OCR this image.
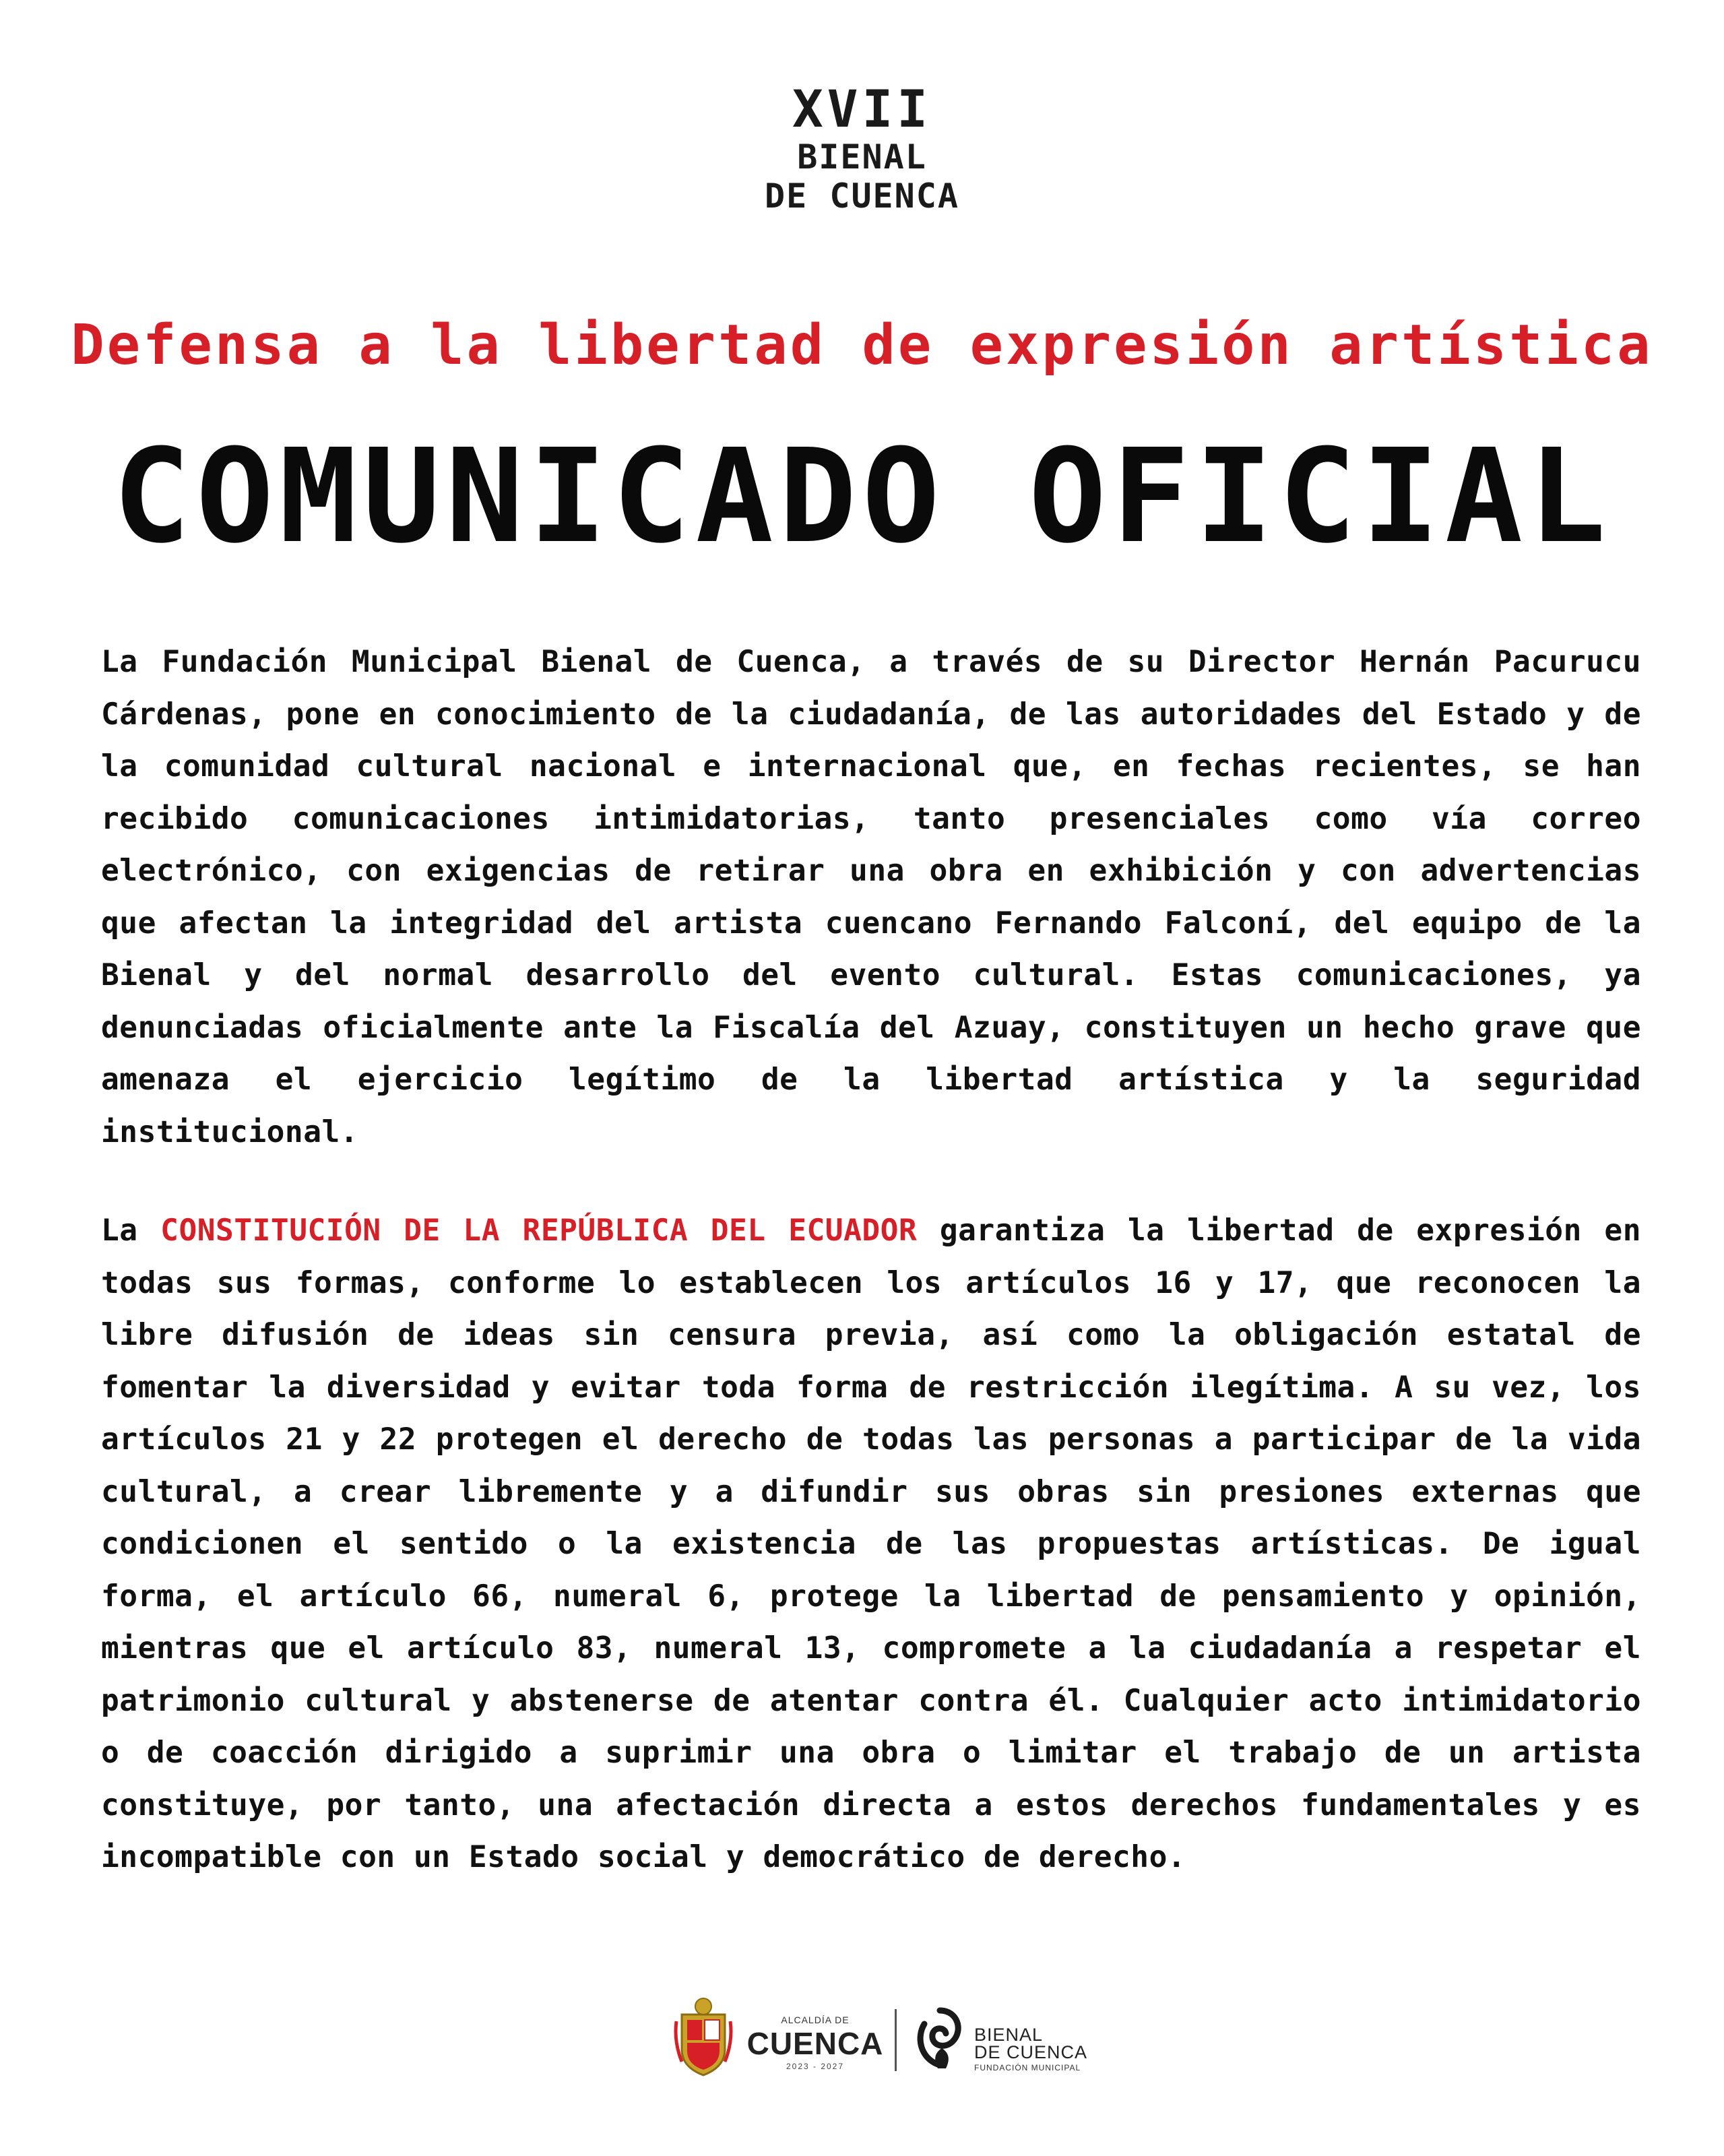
XVII
BIENAL
DE CUENCA
Defensa a la libertad de expresión artística
COMUNICADO OFICIAL

La Fundación Municipal Bienal de Cuenca, a través de su Director Hernán Pacurucu Cárdenas, pone en conocimiento de la ciudadanía, de las autoridades del Estado y de la comunidad cultural nacional e internacional que, en fechas recientes, se han recibido comunicaciones intimidatorias, tanto presenciales como vía correo electrónico, con exigencias de retirar una obra en exhibición y con advertencias que afectan la integridad del artista cuencano Fernando Falconí, del equipo de la Bienal y del normal desarrollo del evento cultural. Estas comunicaciones, ya denunciadas oficialmente ante la Fiscalía del Azuay, constituyen un hecho grave que amenaza el ejercicio legítimo de la libertad artística y la seguridad institucional.

La CONSTITUCIÓN DE LA REPÚBLICA DEL ECUADOR garantiza la libertad de expresión en todas sus formas, conforme lo establecen los artículos 16 y 17, que reconocen la libre difusión de ideas sin censura previa, así como la obligación estatal de fomentar la diversidad y evitar toda forma de restricción ilegítima. A su vez, los artículos 21 y 22 protegen el derecho de todas las personas a participar de la vida cultural, a crear libremente y a difundir sus obras sin presiones externas que condicionen el sentido o la existencia de las propuestas artísticas. De igual forma, el artículo 66, numeral 6, protege la libertad de pensamiento y opinión, mientras que el artículo 83, numeral 13, compromete a la ciudadanía a respetar el patrimonio cultural y abstenerse de atentar contra él. Cualquier acto intimidatorio o de coacción dirigido a suprimir una obra o limitar el trabajo de un artista constituye, por tanto, una afectación directa a estos derechos fundamentales y es incompatible con un Estado social y democrático de derecho.

ALCALDÍA DE
CUENCA
2023 - 2027
BIENAL
DE CUENCA
FUNDACIÓN MUNICIPAL
